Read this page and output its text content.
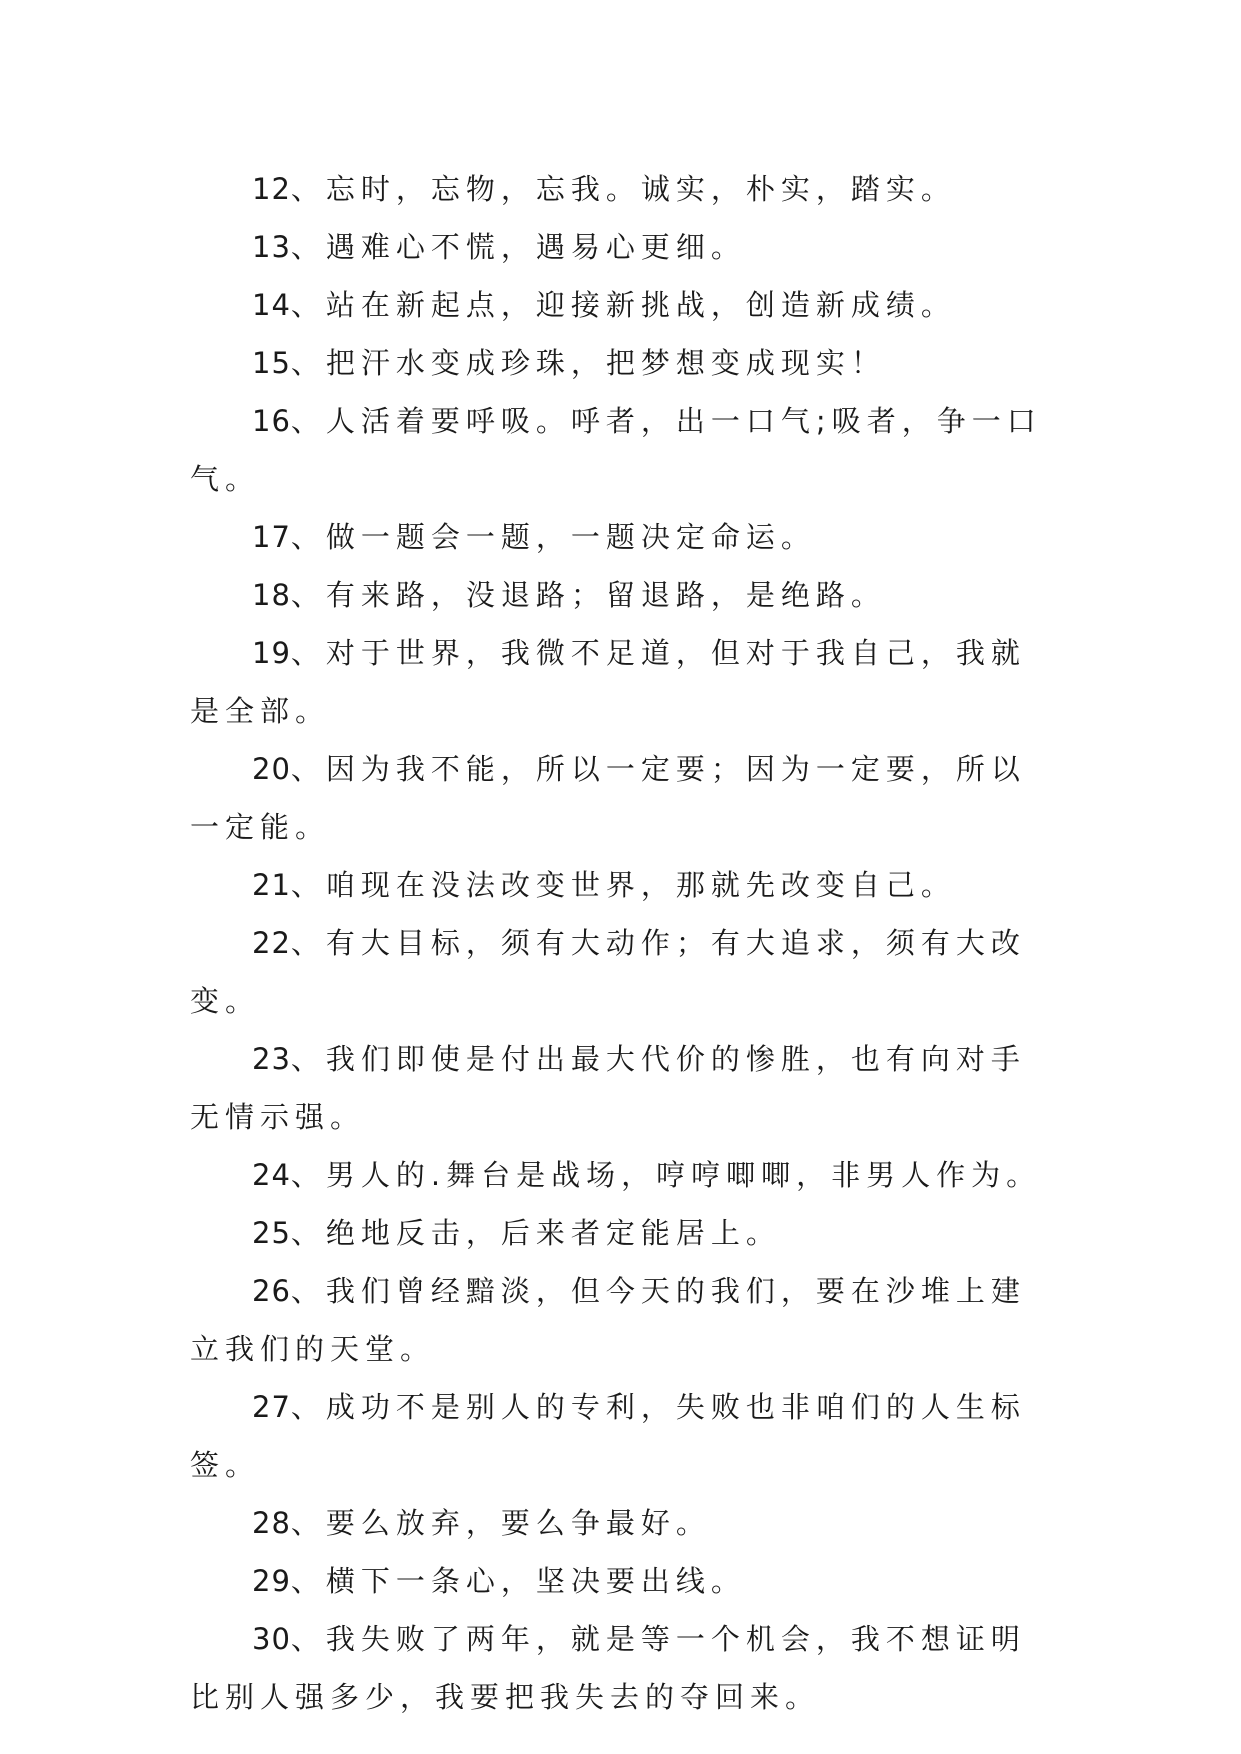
12、忘时，忘物，忘我。诚实，朴实，踏实。
13、遇难心不慌，遇易心更细。
14、站在新起点，迎接新挑战，创造新成绩。
15、把汗水变成珍珠，把梦想变成现实！
16、人活着要呼吸。呼者，出一口气;吸者，争一口气。
17、做一题会一题，一题决定命运。
18、有来路，没退路；留退路，是绝路。
19、对于世界，我微不足道，但对于我自己，我就是全部。
20、因为我不能，所以一定要；因为一定要，所以一定能。
21、咱现在没法改变世界，那就先改变自己。
22、有大目标，须有大动作；有大追求，须有大改变。
23、我们即使是付出最大代价的惨胜，也有向对手无情示强。
24、男人的.舞台是战场，哼哼唧唧，非男人作为。
25、绝地反击，后来者定能居上。
26、我们曾经黯淡，但今天的我们，要在沙堆上建立我们的天堂。
27、成功不是别人的专利，失败也非咱们的人生标签。
28、要么放弃，要么争最好。
29、横下一条心，坚决要出线。
30、我失败了两年，就是等一个机会，我不想证明比别人强多少，我要把我失去的夺回来。
